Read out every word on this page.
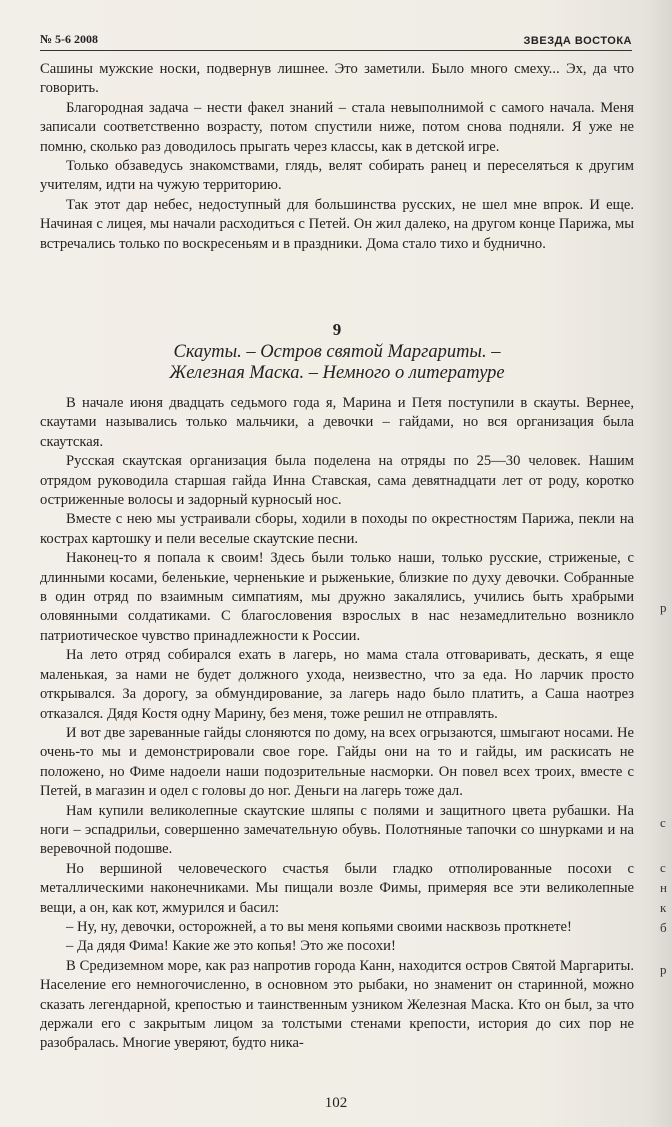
№ 5-6 2008	ЗВЕЗДА ВОСТОКА

Сашины мужские носки, подвернув лишнее. Это заметили. Было много смеху... Эх, да что говорить.

Благородная задача – нести факел знаний – стала невыполнимой с самого начала. Меня записали соответственно возрасту, потом спустили ниже, потом снова подняли. Я уже не помню, сколько раз доводилось прыгать через классы, как в детской игре.

Только обзаведусь знакомствами, глядь, велят собирать ранец и переселяться к другим учителям, идти на чужую территорию.

Так этот дар небес, недоступный для большинства русских, не шел мне впрок. И еще. Начиная с лицея, мы начали расходиться с Петей. Он жил далеко, на другом конце Парижа, мы встречались только по воскресеньям и в праздники. Дома стало тихо и буднично.

9
Скауты. – Остров святой Маргариты. –
Железная Маска. – Немного о литературе

В начале июня двадцать седьмого года я, Марина и Петя поступили в скауты. Вернее, скаутами назывались только мальчики, а девочки – гайдами, но вся организация была скаутская.

Русская скаутская организация была поделена на отряды по 25—30 человек. Нашим отрядом руководила старшая гайда Инна Ставская, сама девятнадцати лет от роду, коротко остриженные волосы и задорный курносый нос.

Вместе с нею мы устраивали сборы, ходили в походы по окрестностям Парижа, пекли на кострах картошку и пели веселые скаутские песни.

Наконец-то я попала к своим! Здесь были только наши, только русские, стриженые, с длинными косами, беленькие, черненькие и рыженькие, близкие по духу девочки. Собранные в один отряд по взаимным симпатиям, мы дружно закалялись, учились быть храбрыми оловянными солдатиками. С благословения взрослых в нас незамедлительно возникло патриотическое чувство принадлежности к России.

На лето отряд собирался ехать в лагерь, но мама стала отговаривать, дескать, я еще маленькая, за нами не будет должного ухода, неизвестно, что за еда. Но ларчик просто открывался. За дорогу, за обмундирование, за лагерь надо было платить, а Саша наотрез отказался. Дядя Костя одну Марину, без меня, тоже решил не отправлять.

И вот две зареванные гайды слоняются по дому, на всех огрызаются, шмыгают носами. Не очень-то мы и демонстрировали свое горе. Гайды они на то и гайды, им раскисать не положено, но Фиме надоели наши подозрительные насморки. Он повел всех троих, вместе с Петей, в магазин и одел с головы до ног. Деньги на лагерь тоже дал.

Нам купили великолепные скаутские шляпы с полями и защитного цвета рубашки. На ноги – эспадрильи, совершенно замечательную обувь. Полотняные тапочки со шнурками и на веревочной подошве.

Но вершиной человеческого счастья были гладко отполированные посохи с металлическими наконечниками. Мы пищали возле Фимы, примеряя все эти великолепные вещи, а он, как кот, жмурился и басил:

– Ну, ну, девочки, осторожней, а то вы меня копьями своими насквозь проткнете!

– Да дядя Фима! Какие же это копья! Это же посохи!

В Средиземном море, как раз напротив города Канн, находится остров Святой Маргариты. Население его немногочисленно, в основном это рыбаки, но знаменит он старинной, можно сказать легендарной, крепостью и таинственным узником Железная Маска. Кто он был, за что держали его с закрытым лицом за толстыми стенами крепости, история до сих пор не разобралась. Многие уверяют, будто ника-

102
р
с
с
н
к
б
р
